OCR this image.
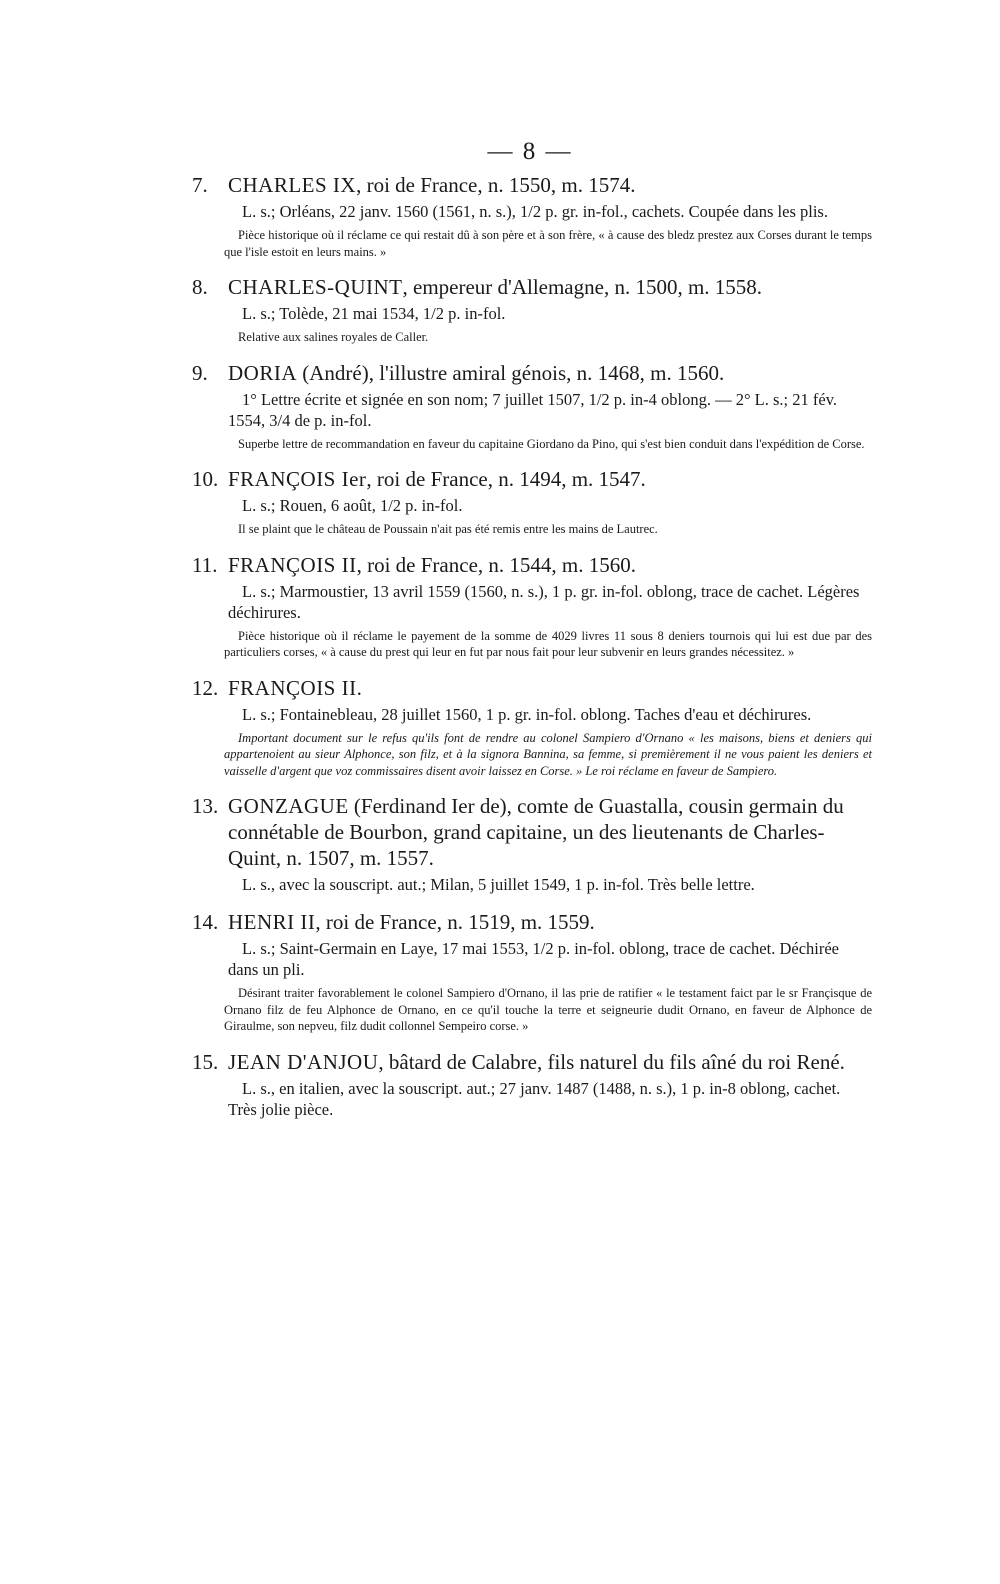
— 8 —

7. CHARLES IX, roi de France, n. 1550, m. 1574.

L. s.; Orléans, 22 janv. 1560 (1561, n. s.), 1/2 p. gr. in-fol., cachets. Coupée dans les plis.

Pièce historique où il réclame ce qui restait dû à son père et à son frère, « à cause des bledz prestez aux Corses durant le temps que l'isle estoit en leurs mains. »

8. CHARLES-QUINT, empereur d'Allemagne, n. 1500, m. 1558.

L. s.; Tolède, 21 mai 1534, 1/2 p. in-fol.

Relative aux salines royales de Caller.

9. DORIA (André), l'illustre amiral génois, n. 1468, m. 1560.

1° Lettre écrite et signée en son nom; 7 juillet 1507, 1/2 p. in-4 oblong. — 2° L. s.; 21 fév. 1554, 3/4 de p. in-fol.

Superbe lettre de recommandation en faveur du capitaine Giordano da Pino, qui s'est bien conduit dans l'expédition de Corse.

10. FRANÇOIS Ier, roi de France, n. 1494, m. 1547.

L. s.; Rouen, 6 août, 1/2 p. in-fol.

Il se plaint que le château de Poussain n'ait pas été remis entre les mains de Lautrec.

11. FRANÇOIS II, roi de France, n. 1544, m. 1560.

L. s.; Marmoustier, 13 avril 1559 (1560, n. s.), 1 p. gr. in-fol. oblong, trace de cachet. Légères déchirures.

Pièce historique où il réclame le payement de la somme de 4029 livres 11 sous 8 deniers tournois qui lui est due par des particuliers corses, « à cause du prest qui leur en fut par nous fait pour leur subvenir en leurs grandes nécessitez. »

12. FRANÇOIS II.

L. s.; Fontainebleau, 28 juillet 1560, 1 p. gr. in-fol. oblong. Taches d'eau et déchirures.

Important document sur le refus qu'ils font de rendre au colonel Sampiero d'Ornano « les maisons, biens et deniers qui appartenoient au sieur Alphonce, son filz, et à la signora Bannina, sa femme, si premièrement il ne vous paient les deniers et vaisselle d'argent que voz commissaires disent avoir laissez en Corse. » Le roi réclame en faveur de Sampiero.

13. GONZAGUE (Ferdinand Ier de), comte de Guastalla, cousin germain du connétable de Bourbon, grand capitaine, un des lieutenants de Charles-Quint, n. 1507, m. 1557.

L. s., avec la souscript. aut.; Milan, 5 juillet 1549, 1 p. in-fol. Très belle lettre.

14. HENRI II, roi de France, n. 1519, m. 1559.

L. s.; Saint-Germain en Laye, 17 mai 1553, 1/2 p. in-fol. oblong, trace de cachet. Déchirée dans un pli.

Désirant traiter favorablement le colonel Sampiero d'Ornano, il las prie de ratifier « le testament faict par le sr Françisque de Ornano filz de feu Alphonce de Ornano, en ce qu'il touche la terre et seigneurie dudit Ornano, en faveur de Alphonce de Giraulme, son nepveu, filz dudit collonnel Sempeiro corse. »

15. JEAN D'ANJOU, bâtard de Calabre, fils naturel du fils aîné du roi René.

L. s., en italien, avec la souscript. aut.; 27 janv. 1487 (1488, n. s.), 1 p. in-8 oblong, cachet. Très jolie pièce.
